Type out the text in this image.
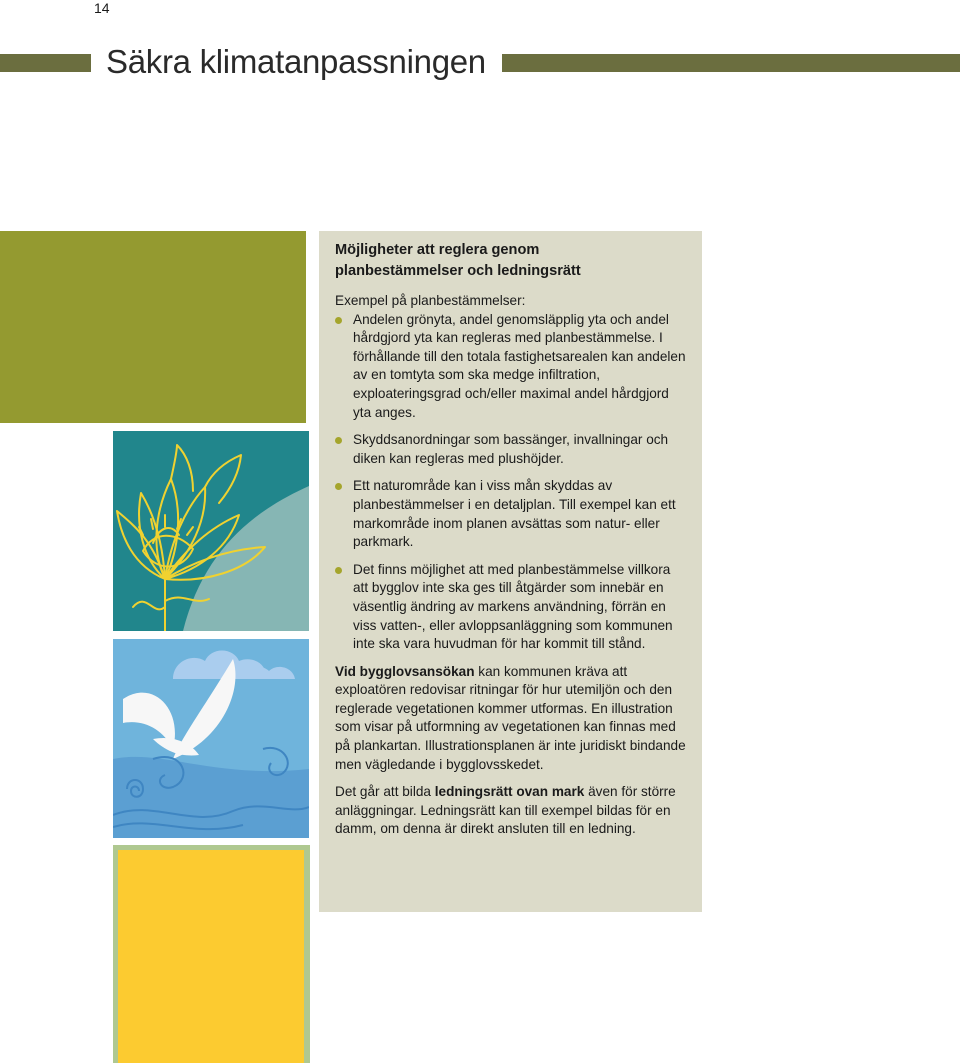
14
Säkra klimatanpassningen
Möjligheter att reglera genom
planbestämmelser och ledningsrätt

Exempel på planbestämmelser:

Andelen grönyta, andel genomsläpplig yta och andel hårdgjord yta kan regleras med planbestämmelse. I förhållande till den totala fastighetsarealen kan andelen av en tomtyta som ska medge infiltration, exploateringsgrad och/eller maximal andel hårdgjord yta anges.
Skyddsanordningar som bassänger, invallningar och diken kan regleras med plushöjder.
Ett naturområde kan i viss mån skyddas av planbestämmelser i en detaljplan. Till exempel kan ett markområde inom planen avsättas som natur- eller parkmark.
Det finns möjlighet att med planbestämmelse villkora att bygglov inte ska ges till åtgärder som innebär en väsentlig ändring av markens användning, förrän en viss vatten-, eller avloppsanläggning som kommunen inte ska vara huvudman för har kommit till stånd.

Vid bygglovsansökan kan kommunen kräva att exploatören redovisar ritningar för hur utemiljön och den reglerade vegetationen kommer utformas. En illustration som visar på utformning av vegetationen kan finnas med på plankartan. Illustrationsplanen är inte juridiskt bindande men vägledande i bygglovsskedet.

Det går att bilda ledningsrätt ovan mark även för större anläggningar. Ledningsrätt kan till exempel bildas för en damm, om denna är direkt ansluten till en ledning.
